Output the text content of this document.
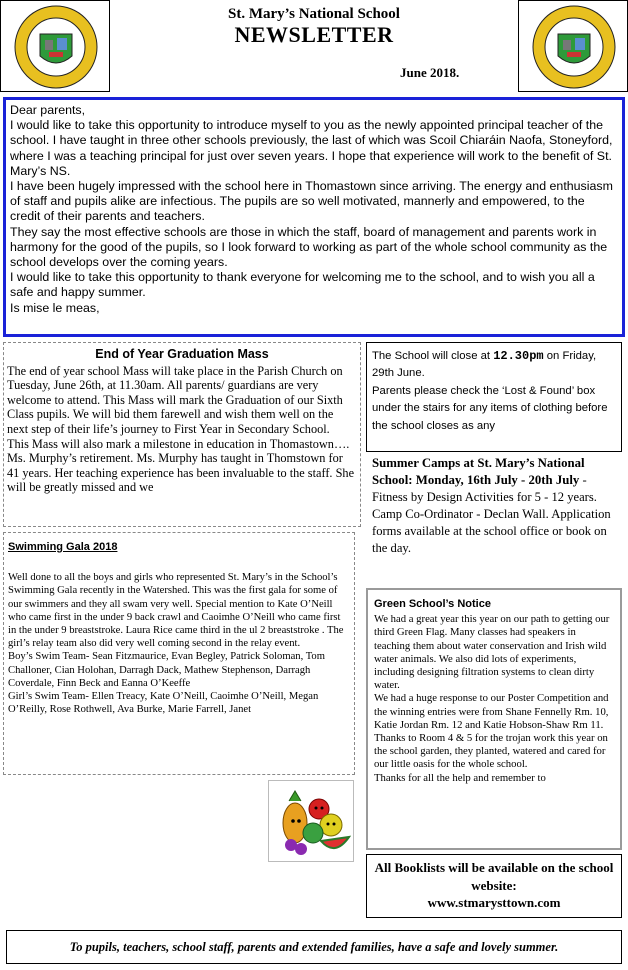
St. Mary’s National School
NEWSLETTER
June 2018.

Dear parents,

I would like to take this opportunity to introduce myself to you as the newly appointed principal teacher of the school. I have taught in three other schools previously, the last of which was Scoil Chiaráin Naofa, Stoneyford, where I was a teaching principal for just over seven years. I hope that experience will work to the benefit of St. Mary’s NS.

I have been hugely impressed with the school here in Thomastown since arriving. The energy and enthusiasm of staff and pupils alike are infectious. The pupils are so well motivated, mannerly and empowered, to the credit of their parents and teachers.

They say the most effective schools are those in which the staff, board of management and parents work in harmony for the good of the pupils, so I look forward to working as part of the whole school community as the school develops over the coming years.

I would like to take this opportunity to thank everyone for welcoming me to the school, and to wish you all a safe and happy summer.

Is mise le meas,

End of Year Graduation Mass

The end of year school Mass will take place in the Parish Church on Tuesday, June 26th, at 11.30am. All parents/ guardians are very welcome to attend. This Mass will mark the Graduation of our Sixth Class pupils. We will bid them farewell and wish them well on the next step of their life’s journey to First Year in Secondary School.

This Mass will also mark a milestone in education in Thomastown…. Ms. Murphy’s retirement. Ms. Murphy has taught in Thomstown for 41 years. Her teaching experience has been invaluable to the staff. She will be greatly missed and we

The School will close at 12.30pm on Friday, 29th June.
Parents please check the ‘Lost & Found’ box under the stairs for any items of clothing before the school closes as any
Summer Camps at St. Mary’s National School: Monday, 16th July - 20th July - Fitness by Design Activities for 5 - 12 years. Camp Co-Ordinator - Declan Wall. Application forms available at the school office or book on the day.
Swimming Gala 2018

Well done to all the boys and girls who represented St. Mary’s in the School’s Swimming Gala recently in the Watershed. This was the first gala for some of our swimmers and they all swam very well. Special mention to Kate O’Neill who came first in the under 9 back crawl and Caoimhe O’Neill who came first in the under 9 breaststroke. Laura Rice came third in the ul 2 breaststroke . The girl’s relay team also did very well coming second in the relay event.

Boy’s Swim Team- Sean Fitzmaurice, Evan Begley, Patrick Soloman, Tom Challoner, Cian Holohan, Darragh Dack, Mathew Stephenson, Darragh Coverdale, Finn Beck and Eanna O’Keeffe

Girl’s Swim Team- Ellen Treacy, Kate O’Neill, Caoimhe O’Neill, Megan O’Reilly, Rose Rothwell, Ava Burke, Marie Farrell, Janet

Green School’s Notice

We had a great year this year on our path to getting our third Green Flag. Many classes had speakers in teaching them about water conservation and Irish wild water animals. We also did lots of experiments, including designing filtration systems to clean dirty water.

We had a huge response to our Poster Competition and the winning entries were from Shane Fennelly Rm. 10, Katie Jordan Rm. 12 and Katie Hobson-Shaw Rm 11.

Thanks to Room 4 & 5 for the trojan work this year on the school garden, they planted, watered and cared for our little oasis for the whole school.

Thanks for all the help and remember to

All Booklists will be available on the school website:
www.stmarysttown.com
To pupils, teachers, school staff, parents and extended families, have a safe and lovely summer.
